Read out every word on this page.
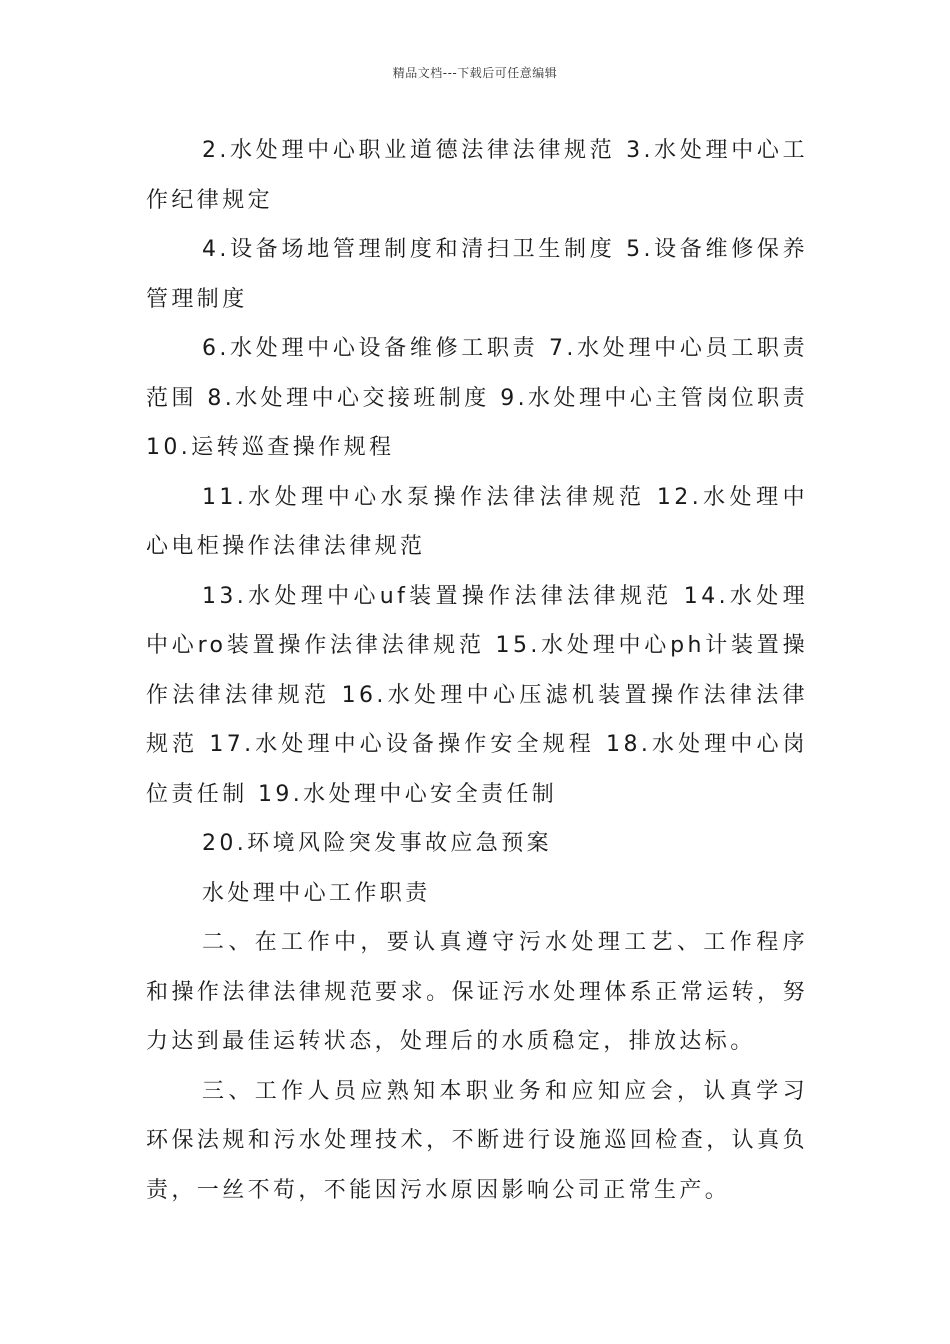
精品文档---下载后可任意编辑

2.水处理中心职业道德法律法律规范 3.水处理中心工作纪律规定

4.设备场地管理制度和清扫卫生制度 5.设备维修保养管理制度

6.水处理中心设备维修工职责 7.水处理中心员工职责范围 8.水处理中心交接班制度 9.水处理中心主管岗位职责 10.运转巡查操作规程

11.水处理中心水泵操作法律法律规范 12.水处理中心电柜操作法律法律规范

13.水处理中心uf装置操作法律法律规范 14.水处理中心ro装置操作法律法律规范 15.水处理中心ph计装置操作法律法律规范 16.水处理中心压滤机装置操作法律法律规范 17.水处理中心设备操作安全规程 18.水处理中心岗位责任制 19.水处理中心安全责任制

20.环境风险突发事故应急预案

水处理中心工作职责

二、在工作中，要认真遵守污水处理工艺、工作程序和操作法律法律规范要求。保证污水处理体系正常运转，努力达到最佳运转状态，处理后的水质稳定，排放达标。

三、工作人员应熟知本职业务和应知应会，认真学习环保法规和污水处理技术，不断进行设施巡回检查，认真负责，一丝不苟，不能因污水原因影响公司正常生产。
